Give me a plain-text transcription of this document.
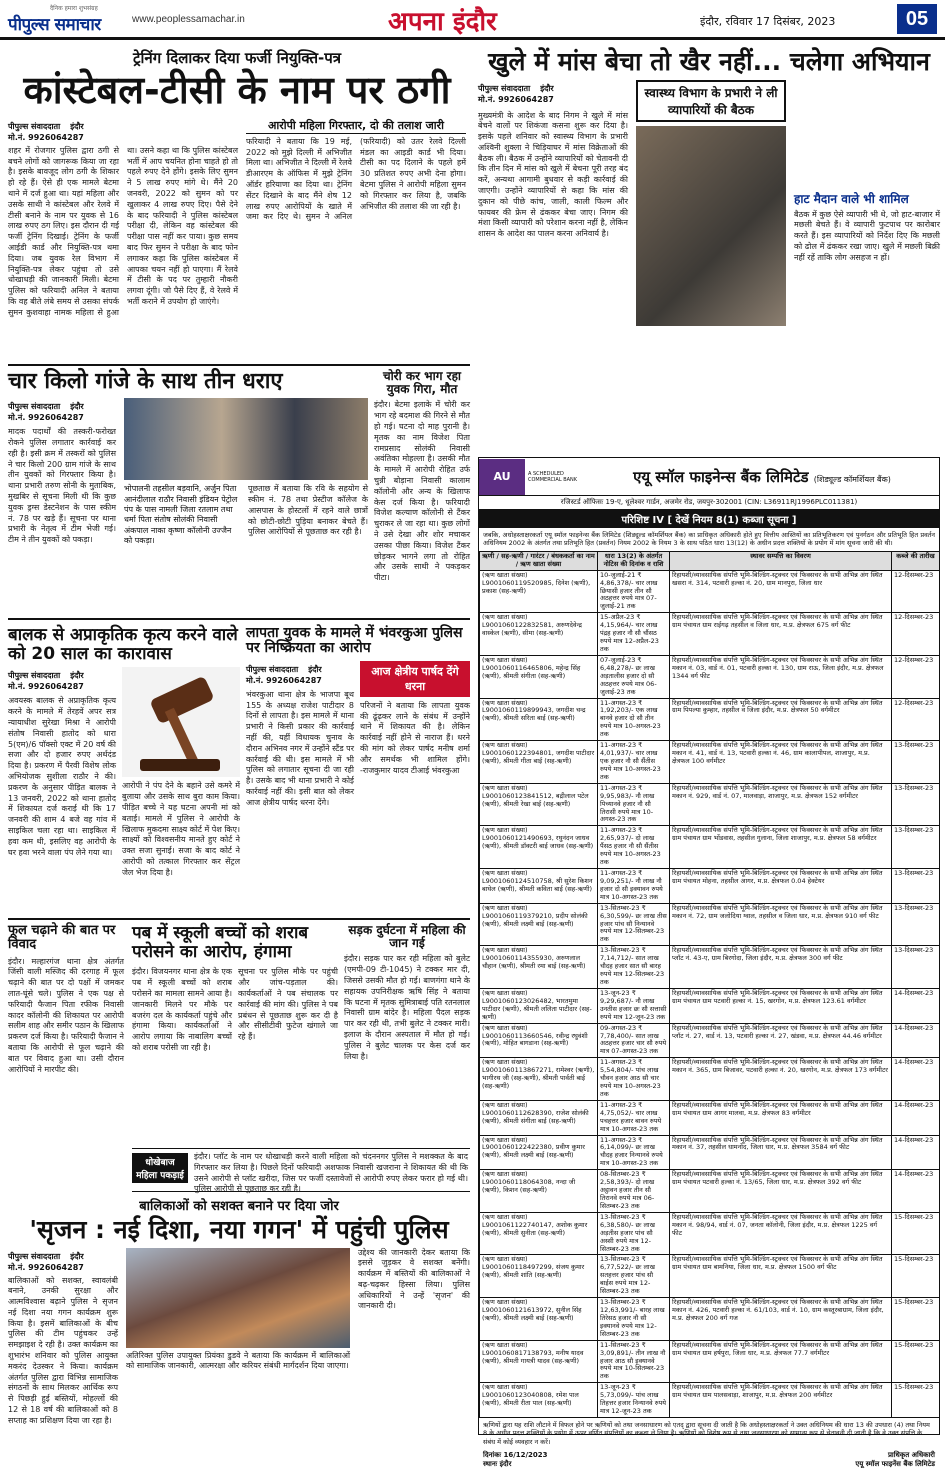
दैनिक हमारा शुभसंग्रह
पीपुल्स समाचार	www.peoplessamachar.in	अपना इंदौर	इंदौर, रविवार 17 दिसंबर, 2023	05
ट्रेनिंग दिलाकर दिया फर्जी नियुक्ति-पत्र
कांस्टेबल-टीसी के नाम पर ठगी
पीपुल्स संवाददाता इंदौर
मो.नं. 9926064287
शहर में रोजगार पुलिस द्वारा ठगी से बचने लोगों को जागरूक किया जा रहा है। इसके बावजूद लोग ठगी के शिकार हो रहे हैं। ऐसे ही एक मामले बेटमा थाने में दर्ज हुआ था। यहां महिला और उसके साथी ने कांस्टेबल और रेलवे में टीसी बनाने के नाम पर युवक से 16 लाख रुपए ठग लिए। इस दौरान दी गई फर्जी ट्रेनिंग दिखाई। ट्रेनिंग के फर्जी आईडी कार्ड और नियुक्ति-पत्र थमा दिया। जब युवक रेल विभाग में नियुक्ति-पत्र लेकर पहुंचा तो उसे धोखाधड़ी की जानकारी मिली। बेटमा पुलिस को फरियादी अनिल ने बताया कि वह बीते लंबे समय से उसका संपर्क सुमन कुशवाहा नामक महिला से हुआ था। उसने कहा था कि पुलिस कांस्टेबल भर्ती में आप चयनित होना चाहते हो तो पहले रुपए देने होंगे। इसके लिए सुमन ने 5 लाख रुपए मांगे थे। मैंने 20 जनवरी, 2022 को सुमन को पर खुलाकर 4 लाख रुपए दिए। पैसे देने के बाद फरियादी ने पुलिस कांस्टेबल परीक्षा दी, लेकिन वह कांस्टेबल की परीक्षा पास नहीं कर पाया। कुछ समय बाद फिर सुमन ने परीक्षा के बाद फोन लगाकर कहा कि पुलिस कांस्टेबल में आपका चयन नहीं हो पाएगा। मैं रेलवे में टीसी के पद पर तुम्हारी नौकरी लगवा दूंगी। जो पैसे दिए हैं, वे रेलवे में भर्ती कराने में उपयोग हो जाएंगे।
आरोपी महिला गिरफ्तार, दो की तलाश जारी
फरियादी ने बताया कि 19 मई, 2022 को मुझे दिल्ली में अभिजीत मिला था। अभिजीत ने दिल्ली में रेलवे डीआरएम के ऑफिस में मुझे ट्रेनिंग ऑर्डर हरियाणा का दिया था। ट्रेनिंग सेंटर दिखाने के बाद मैंने शेष 12 लाख रुपए आरोपियों के खाते में जमा कर दिए थे। सुमन ने अनिल (फरियादी) को उतर रेलवे दिल्ली मंडल का आइडी कार्ड भी दिया। टीसी का पद दिलाने के पहले हमें 30 प्रतिशत रुपए अभी देना होगा। बेटमा पुलिस ने आरोपी महिला सुमन को गिरफ्तार कर लिया है, जबकि अभिजीत की तलाश की जा रही है।
खुले में मांस बेचा तो खैर नहीं... चलेगा अभियान
पीपुल्स संवाददाता इंदौर
मो.नं. 9926064287
मुख्यमंत्री के आदेश के बाद निगम ने खुले में मांस बेचने वालों पर शिकंजा कसना शुरू कर दिया है। इसके पहले शनिवार को स्वास्थ्य विभाग के प्रभारी अश्विनी शुक्ला ने चिड़ियाघर में मांस विक्रेताओं की बैठक ली। बैठक में उन्होंने व्यापारियों को चेतावनी दी कि तीन दिन में मांस को खुले में बेचना पूरी तरह बंद करें, अन्यथा आगामी बुधवार से कड़ी कार्रवाई की जाएगी। उन्होंने व्यापारियों से कहा कि मांस की दुकान को पीछे कांच, जाली, काली फिल्म और फायबर की फ्रेम से ढंककर बेचा जाए। निगम की मंशा किसी व्यापारी को परेशान करना नहीं है, लेकिन शासन के आदेश का पालन करना अनिवार्य है।
स्वास्थ्य विभाग के प्रभारी ने ली व्यापारियों की बैठक
हाट मैदान वाले भी शामिल
बैठक में कुछ ऐसे व्यापारी भी थे, जो हाट-बाजार में मछली बेचते हैं। वे व्यापारी फुटपाथ पर कारोबार करते हैं। इस व्यापारियों को निर्देश दिए कि मछली को ढोल में ढंककर रखा जाए। खुले में मछली बिक्री नहीं रहें ताकि लोग असहज न हों।
चार किलो गांजे के साथ तीन धराए
पीपुल्स संवाददाता इंदौर
मो.नं. 9926064287
मादक पदार्थों की तस्करी-फरोख्त रोकने पुलिस लगातार कार्रवाई कर रही है। इसी क्रम में तस्करों को पुलिस ने चार किलो 200 ग्राम गांजे के साथ तीन युवकों को गिरफ्तार किया है। थाना प्रभारी तरुण सोनी के मुताबिक, मुखबिर से सूचना मिली थी कि कुछ युवक ड्रग्स डेस्टनेशन के पास स्कीम नं. 78 पर खड़े हैं। सूचना पर थाना प्रभारी के नेतृत्व में टीम भेजी गई। टीम ने तीन युवकों को पकड़ा।
भोपालनी तहसील बड़वानि, अर्जुन पिता आनंदीलाल राठौर निवासी इंडियन पेट्रोल पंप के पास नामली जिला रतलाम तथा धर्मा पिता संतोष सोलंकी निवासी अंकपाल नाका कृष्णा कॉलोनी उज्जैन को पकड़ा।
पूछताछ में बताया कि रवि के सहयोग से स्कीम नं. 78 तथा प्रेस्टीज कॉलेज के आसपास के होस्टलों में रहने वाले छात्रों को छोटी-छोटी पुड़िया बनाकर बेचते हैं। पुलिस आरोपियों से पूछताछ कर रही है।
चोरी कर भाग रहा युवक गिरा, मौत
इंदौर। बेटमा इलाके में चोरी कर भाग रहे बदमाश की गिरने से मौत हो गई। घटना दो माह पुरानी है। मृतक का नाम विजेश पिता रामप्रसाद सोलंकी निवासी अवंतिका मोहल्ला है। उसकी मौत के मामले में आरोपी रोहित उर्फ चुन्नी बोड़ाना निवासी कालाम कॉलोनी और अन्य के खिलाफ केस दर्ज किया है। फरियादी विजेश कल्याण कॉलोनी से टैंकर चुराकर ले जा रहा था। कुछ लोगों ने उसे देखा और शोर मचाकर उसका पीछा किया। विजेश टैंकर छोड़कर भागने लगा तो रोहित और उसके साथी ने पकड़कर पीटा।
बालक से अप्राकृतिक कृत्य करने वाले को 20 साल का कारावास
पीपुल्स संवाददाता इंदौर
मो.नं. 9926064287
अवयस्क बालक से अप्राकृतिक कृत्य करने के मामले में तेरहवें अपर सत्र न्यायाधीश सुरेखा मिश्रा ने आरोपी संतोष निवासी हातोद को धारा 5(एम)/6 पॉक्सो एक्ट में 20 वर्ष की सजा और दो हजार रुपए अर्थदंड दिया है। प्रकरण में पैरवी विशेष लोक अभियोजक सुशीला राठौर ने की। प्रकरण के अनुसार पीड़ित बालक ने 13 जनवरी, 2022 को थाना हातोद में शिकायत दर्ज कराई थी कि 17 जनवरी की शाम 4 बजे वह गांव में साइकिल चला रहा था। साइकिल में हवा कम थी, इसलिए वह आरोपी के घर हवा भरने वाला पंप लेने गया था।
आरोपी ने पंप देने के बहाने उसे कमरे में बुलाया और उसके साथ बुरा काम किया। पीड़ित बच्चे ने यह घटना अपनी मां को बताई। मामले में पुलिस ने आरोपी के खिलाफ मुकदमा साक्ष्य कोर्ट में पेश किए। साक्ष्यों को विश्वसनीय मानते हुए कोर्ट ने उक्त सजा सुनाई। सजा के बाद कोर्ट ने आरोपी को तत्काल गिरफ्तार कर सेंट्रल जेल भेज दिया है।
लापता युवक के मामले में भंवरकुआ पुलिस पर निष्क्रियता का आरोप
पीपुल्स संवाददाता इंदौर
मो.नं. 9926064287
भंवरकुआ थाना क्षेत्र के भाजपा बूथ 155 के अध्यक्ष राजेश पाटीदार 8 दिनों से लापता है। इस मामले में थाना प्रभारी ने किसी प्रकार की कार्रवाई नहीं की, यहीं विधायक चुनाव के दौरान अभिनव नगर में उन्होंने स्टैंड पर कार्रवाई की थी। इस मामले में भी पुलिस को लगातार सूचना दी जा रही है। उसके बाद भी थाना प्रभारी ने कोई कार्रवाई नहीं की। इसी बात को लेकर आज क्षेत्रीय पार्षद धरना देंगे।
आज क्षेत्रीय पार्षद देंगे धरना
परिजनों ने बताया कि लापता युवक की ढूंढ़कर लाने के संबंध में उन्होंने थाने में शिकायत की है। लेकिन कार्रवाई नहीं होने से नाराज हैं। धरने की मांग को लेकर पार्षद मनीष शर्मा और समर्थक भी शामिल होंगे। -राजकुमार यादव टीआई भंवरकुआ
फूल चढ़ाने की बात पर विवाद
इंदौर। मल्हारगंज थाना क्षेत्र अंतर्गत जिंसी वाली मस्जिद की दरगाह में फूल चढ़ाने की बात पर दो पक्षों में जमकर लात-घूंसे चले। पुलिस ने एक पक्ष से फरियादी फैजान पिता रफीक निवासी कादर कॉलोनी की शिकायत पर आरोपी सलीम शाह और समीर पठान के खिलाफ प्रकरण दर्ज किया है। फरियादी फैजान ने बताया कि आरोपी से फूल चढ़ाने की बात पर विवाद हुआ था। उसी दौरान आरोपियों ने मारपीट की।
पब में स्कूली बच्चों को शराब परोसने का आरोप, हंगामा
इंदौर। विजयनगर थाना क्षेत्र के एक पब में स्कूली बच्चों को शराब परोसने का मामला सामने आया है। जानकारी मिलने पर मौके पर बजरंग दल के कार्यकर्ता पहुंचे और हंगामा किया। कार्यकर्ताओं ने आरोप लगाया कि नाबालिग बच्चों को शराब परोसी जा रही है।
सूचना पर पुलिस मौके पर पहुंची और जांच-पड़ताल की। कार्यकर्ताओं ने पब संचालक पर कार्रवाई की मांग की। पुलिस ने पब प्रबंधन से पूछताछ शुरू कर दी है और सीसीटीवी फुटेज खंगाले जा रहे हैं।
सड़क दुर्घटना में महिला की जान गई
इंदौर। सड़क पार कर रही महिला को बुलेट (एमपी-09 टी-1045) ने टक्कर मार दी, जिससे उसकी मौत हो गई। बाणगंगा थाने के सहायक उपनिरीक्षक ऋषि सिंह ने बताया कि घटना में मृतक सुमित्राबाई पति रतनलाल निवासी ग्राम बांदेर है। महिला पैदल सड़क पार कर रही थी, तभी बुलेट ने टक्कर मारी। इलाज के दौरान अस्पताल में मौत हो गई। पुलिस ने बुलेट चालक पर केस दर्ज कर लिया है।
धोखेबाज महिला पकड़ाई
इंदौर। प्लॉट के नाम पर धोखाधड़ी करने वाली महिला को चंदननगर पुलिस ने मशक्कत के बाद गिरफ्तार कर लिया है। पिछले दिनों फरियादी अशफाक निवासी खजराना ने शिकायत की थी कि उसने आरोपी से प्लॉट खरीदा, जिस पर फर्जी दस्तावेजों से आरोपी रुपए लेकर फरार हो गई थी। पुलिस आरोपी से पूछताछ कर रही है।
बालिकाओं को सशक्त बनाने पर दिया जोर
'सृजन : नई दिशा, नया गगन' में पहुंची पुलिस
पीपुल्स संवाददाता इंदौर
मो.नं. 9926064287
बालिकाओं को सशक्त, स्वावलंबी बनाने, उनकी सुरक्षा और आत्मविश्वास बढ़ाने पुलिस ने सृजन नई दिशा नया गगन कार्यक्रम शुरू किया है। इसमें बालिकाओं के बीच पुलिस की टीम पहुंचकर उन्हें समझाइश दे रही है। उक्त कार्यक्रम का शुभारंभ शनिवार को पुलिस आयुक्त मकरंद देउस्कर ने किया। कार्यक्रम अंतर्गत पुलिस द्वारा विभिन्न सामाजिक संगठनों के साथ मिलकर आर्थिक रूप से पिछड़ी हुई बस्तियों, मोहल्लों की 12 से 18 वर्ष की बालिकाओं को 8 सप्ताह का प्रशिक्षण दिया जा रहा है।
अतिरिक्त पुलिस उपायुक्त प्रियंका डुडवे ने बताया कि कार्यक्रम में बालिकाओं को सामाजिक जानकारी, आत्मरक्षा और करियर संबंधी मार्गदर्शन दिया जाएगा।
उद्देश्य की जानकारी देकर बताया कि इससे जुड़कर वे सशक्त बनेंगी। कार्यक्रम में बस्तियों की बालिकाओं ने बढ़-चढ़कर हिस्सा लिया। पुलिस अधिकारियों ने उन्हें 'सृजन' की जानकारी दी।
AU	A SCHEDULED COMMERCIAL BANK	एयू स्मॉल फाइनेन्स बैंक लिमिटेड (शिड्यूल्ड कॉमर्शियल बैंक)
रजिस्टर्ड ऑफिसः 19-ए, धूलेश्वर गार्डन, अजमेर रोड, जयपुर-302001 (CIN: L36911RJ1996PLC011381)
परिशिष्ट IV [ देखें नियम 8(1) कब्जा सूचना ]
जबकि, अधोहस्ताक्षरकर्ता एयू स्मॉल फाइनेन्स बैंक लिमिटेड (शिड्यूल्ड कॉमर्शियल बैंक) का प्राधिकृत अधिकारी होते हुए वित्तीय आस्तियों का प्रतिभूतिकरण एवं पुनर्गठन और प्रतिभूति हित प्रवर्तन अधिनियम 2002 के अंतर्गत तथा प्रतिभूति हित (प्रवर्तन) नियम 2002 के नियम 3 के साथ पठित धारा 13(12) के अधीन प्रदत्त शक्तियों के प्रयोग में मांग सूचना जारी की थी।
ऋणी / सह-ऋणी / गारंटर / बंधककर्ता का नाम / ऋण खाता संख्या	धारा 13(2) के अंतर्गत नोटिस की दिनांक व राशि	स्थावर सम्पत्ति का विवरण	कब्जे की तारीख
(ऋण खाता संख्या) L9001060119520985, दिनेश (ऋणी), प्रकाश (सह-ऋणी)	10-जुलाई-21 ₹ 4,86,378/- चार लाख छियासी हजार तीन सौ अठहत्तर रुपये मात्र 07-जुलाई-21 तक	रिहायशी/व्यावसायिक संपत्ति भूमि-बिल्डिंग-स्ट्रक्चर एवं फिक्सचर के सभी अभिन्न अंग स्थित खसरा नं. 314, पटवारी हल्का नं. 20, ग्राम मानपुरा, जिला धार	12-दिसम्बर-23
(ऋण खाता संख्या) L9001060122832581, अरुणदेवेन्द्र वास्केल (ऋणी), सीमा (सह-ऋणी)	15-अप्रैल-23 ₹ 4,15,964/- चार लाख पंद्रह हजार नौ सौ चौंसठ रुपये मात्र 12-अप्रैल-23 तक	रिहायशी/व्यावसायिक संपत्ति भूमि-बिल्डिंग-स्ट्रक्चर एवं फिक्सचर के सभी अभिन्न अंग स्थित ग्राम पंचायत ग्राम राईगढ़ तहसील व जिला धार, म.प्र. क्षेत्रफल 675 वर्ग फीट	12-दिसम्बर-23
(ऋण खाता संख्या) L9001060116465806, महेन्द्र सिंह (ऋणी), श्रीमती संगीता (सह-ऋणी)	07-जुलाई-23 ₹ 6,48,278/- छः लाख अड़तालीस हजार दो सौ अठहत्तर रुपये मात्र 06-जुलाई-23 तक	रिहायशी/व्यावसायिक संपत्ति भूमि-बिल्डिंग-स्ट्रक्चर एवं फिक्सचर के सभी अभिन्न अंग स्थित मकान नं. 03, वार्ड नं. 01, पटवारी हल्का नं. 130, ग्राम राऊ, जिला इंदौर, म.प्र. क्षेत्रफल 1344 वर्ग फीट	12-दिसम्बर-23
(ऋण खाता संख्या) L9001060119899943, जगदीश चन्द्र (ऋणी), श्रीमती सरिता बाई (सह-ऋणी)	11-अगस्त-23 ₹ 1,92,203/- एक लाख बानवे हजार दो सौ तीन रुपये मात्र 10-अगस्त-23 तक	रिहायशी/व्यावसायिक संपत्ति भूमि-बिल्डिंग-स्ट्रक्चर एवं फिक्सचर के सभी अभिन्न अंग स्थित ग्राम पिपल्या कुम्हार, तहसील व जिला इंदौर, म.प्र. क्षेत्रफल 50 वर्गमीटर	12-दिसम्बर-23
(ऋण खाता संख्या) L9001060122394801, जगदीश पाटीदार (ऋणी), श्रीमती गीता बाई (सह-ऋणी)	11-अगस्त-23 ₹ 4,01,937/- चार लाख एक हजार नौ सौ सैंतीस रुपये मात्र 10-अगस्त-23 तक	रिहायशी/व्यावसायिक संपत्ति भूमि-बिल्डिंग-स्ट्रक्चर एवं फिक्सचर के सभी अभिन्न अंग स्थित मकान नं. 41, वार्ड नं. 13, पटवारी हल्का नं. 46, ग्राम कालापीपल, शाजापुर, म.प्र. क्षेत्रफल 100 वर्गमीटर	13-दिसम्बर-23
(ऋण खाता संख्या) L9001060123841512, बद्रीलाल पटेल (ऋणी), श्रीमती रेखा बाई (सह-ऋणी)	11-अगस्त-23 ₹ 9,95,983/- नौ लाख पिच्यानवे हजार नौ सौ तिरासी रुपये मात्र 10-अगस्त-23 तक	रिहायशी/व्यावसायिक संपत्ति भूमि-बिल्डिंग-स्ट्रक्चर एवं फिक्सचर के सभी अभिन्न अंग स्थित मकान नं. 929, वार्ड नं. 07, मालवाड़ा, शाजापुर, म.प्र. क्षेत्रफल 152 वर्गमीटर	13-दिसम्बर-23
(ऋण खाता संख्या) L9001060121490693, रघुनंदन जाधव (ऋणी), श्रीमती डॉक्टरी बाई जाधव (सह-ऋणी)	11-अगस्त-23 ₹ 2,65,937/- दो लाख पैंसठ हजार नौ सौ सैंतीस रुपये मात्र 10-अगस्त-23 तक	रिहायशी/व्यावसायिक संपत्ति भूमि-बिल्डिंग-स्ट्रक्चर एवं फिक्सचर के सभी अभिन्न अंग स्थित ग्राम पंचायत ग्राम भोंडवास, तहसील गुलाना, जिला शाजापुर, म.प्र. क्षेत्रफल 58 वर्गमीटर	13-दिसम्बर-23
(ऋण खाता संख्या) L9001060124510758, श्री सुरेश किशन बाघेल (ऋणी), श्रीमती कविता बाई (सह-ऋणी)	11-अगस्त-23 ₹ 9,09,251/- नौ लाख नौ हजार दो सौ इक्यावन रुपये मात्र 10-अगस्त-23 तक	रिहायशी/व्यावसायिक संपत्ति भूमि-बिल्डिंग-स्ट्रक्चर एवं फिक्सचर के सभी अभिन्न अंग स्थित ग्राम पंचायत मोहना, तहसील आगर, म.प्र. क्षेत्रफल 0.04 हेक्टेयर	13-दिसम्बर-23
(ऋण खाता संख्या) L9001060119379210, प्रदीप सोलंकी (ऋणी), श्रीमती लक्ष्मी बाई (सह-ऋणी)	13-सितम्बर-23 ₹ 6,30,599/- छः लाख तीस हजार पांच सौ निन्यानवे रुपये मात्र 12-सितम्बर-23 तक	रिहायशी/व्यावसायिक संपत्ति भूमि-बिल्डिंग-स्ट्रक्चर एवं फिक्सचर के सभी अभिन्न अंग स्थित मकान नं. 72, ग्राम जलोदिया ग्वाल, तहसील व जिला धार, म.प्र. क्षेत्रफल 910 वर्ग फीट	13-दिसम्बर-23
(ऋण खाता संख्या) L9001060114355930, अरुणलाल चौहान (ऋणी), श्रीमती रमा बाई (सह-ऋणी)	13-सितम्बर-23 ₹ 7,14,712/- सात लाख चौदह हजार सात सौ बारह रुपये मात्र 12-सितम्बर-23 तक	रिहायशी/व्यावसायिक संपत्ति भूमि-बिल्डिंग-स्ट्रक्चर एवं फिक्सचर के सभी अभिन्न अंग स्थित प्लॉट नं. 43-ए, ग्राम बिरगोदा, जिला इंदौर, म.प्र. क्षेत्रफल 300 वर्ग फीट	13-दिसम्बर-23
(ऋण खाता संख्या) L9001060123026482, भारतमुमा पाटीदार (ऋणी), श्रीमती ललिता पाटीदार (सह-ऋणी)	13-जून-23 ₹ 9,29,687/- नौ लाख उनतीस हजार छः सौ सत्तासी रुपये मात्र 12-जून-23 तक	रिहायशी/व्यावसायिक संपत्ति भूमि-बिल्डिंग-स्ट्रक्चर एवं फिक्सचर के सभी अभिन्न अंग स्थित ग्राम पंचायत ग्राम पटवारी हल्का नं. 15, खरगोन, म.प्र. क्षेत्रफल 123.61 वर्गमीटर	14-दिसम्बर-23
(ऋण खाता संख्या) L9001060113660546, रवीन्द्र रघुवंशी (ऋणी), मोहित बागडाना (सह-ऋणी)	09-अगस्त-23 ₹ 7,78,400/- सात लाख अठहत्तर हजार चार सौ रुपये मात्र 07-अगस्त-23 तक	रिहायशी/व्यावसायिक संपत्ति भूमि-बिल्डिंग-स्ट्रक्चर एवं फिक्सचर के सभी अभिन्न अंग स्थित प्लॉट नं. 27, वार्ड नं. 13, पटवारी हल्का नं. 27, खंडवा, म.प्र. क्षेत्रफल 44.46 वर्गमीटर	14-दिसम्बर-23
(ऋण खाता संख्या) L9001060113867271, रामेश्वर (ऋणी), भागीरथ जी (सह-ऋणी), श्रीमती पार्वती बाई (सह-ऋणी)	11-अगस्त-23 ₹ 5,54,804/- पांच लाख चौवन हजार आठ सौ चार रुपये मात्र 10-अगस्त-23 तक	रिहायशी/व्यावसायिक संपत्ति भूमि-बिल्डिंग-स्ट्रक्चर एवं फिक्सचर के सभी अभिन्न अंग स्थित मकान नं. 365, ग्राम बिजावर, पटवारी हल्का नं. 20, खरगोन, म.प्र. क्षेत्रफल 173 वर्गमीटर	14-दिसम्बर-23
(ऋण खाता संख्या) L9001060112628390, राजेश सोलंकी (ऋणी), श्रीमती संगीता बाई (सह-ऋणी)	11-अगस्त-23 ₹ 4,75,052/- चार लाख पचहत्तर हजार बावन रुपये मात्र 10-अगस्त-23 तक	रिहायशी/व्यावसायिक संपत्ति भूमि-बिल्डिंग-स्ट्रक्चर एवं फिक्सचर के सभी अभिन्न अंग स्थित ग्राम पंचायत ग्राम आगर मालवा, म.प्र. क्षेत्रफल 83 वर्गमीटर	14-दिसम्बर-23
(ऋण खाता संख्या) L9001060122422380, प्रवीण कुमार (ऋणी), श्रीमती लक्ष्मी बाई (सह-ऋणी)	11-अगस्त-23 ₹ 6,14,099/- छः लाख चौदह हजार निन्यानवे रुपये मात्र 10-अगस्त-23 तक	रिहायशी/व्यावसायिक संपत्ति भूमि-बिल्डिंग-स्ट्रक्चर एवं फिक्सचर के सभी अभिन्न अंग स्थित मकान नं. 37, तहसील धामनोद, जिला धार, म.प्र. क्षेत्रफल 3584 वर्ग फीट	14-दिसम्बर-23
(ऋण खाता संख्या) L9001060118064308, नन्दा जी (ऋणी), किशन (सह-ऋणी)	08-सितम्बर-23 ₹ 2,58,393/- दो लाख अट्ठावन हजार तीन सौ तिरानवे रुपये मात्र 06-सितम्बर-23 तक	रिहायशी/व्यावसायिक संपत्ति भूमि-बिल्डिंग-स्ट्रक्चर एवं फिक्सचर के सभी अभिन्न अंग स्थित ग्राम पंचायत पटवारी हल्का नं. 13/65, जिला धार, म.प्र. क्षेत्रफल 392 वर्ग फीट	14-दिसम्बर-23
(ऋण खाता संख्या) L9001061122740147, अशोक कुमार (ऋणी), श्रीमती सुनीता (सह-ऋणी)	13-सितम्बर-23 ₹ 6,38,580/- छः लाख अड़तीस हजार पांच सौ अस्सी रुपये मात्र 12-सितम्बर-23 तक	रिहायशी/व्यावसायिक संपत्ति भूमि-बिल्डिंग-स्ट्रक्चर एवं फिक्सचर के सभी अभिन्न अंग स्थित मकान नं. 98/94, वार्ड नं. 07, जनता कॉलोनी, जिला इंदौर, म.प्र. क्षेत्रफल 1225 वर्ग फीट	15-दिसम्बर-23
(ऋण खाता संख्या) L9001060118497299, संजय कुमार (ऋणी), श्रीमती शांति (सह-ऋणी)	13-सितम्बर-23 ₹ 6,77,522/- छः लाख सतहत्तर हजार पांच सौ बाईस रुपये मात्र 12-सितम्बर-23 तक	रिहायशी/व्यावसायिक संपत्ति भूमि-बिल्डिंग-स्ट्रक्चर एवं फिक्सचर के सभी अभिन्न अंग स्थित ग्राम पंचायत ग्राम बामनिया, जिला धार, म.प्र. क्षेत्रफल 1500 वर्ग फीट	15-दिसम्बर-23
(ऋण खाता संख्या) L9001060121613972, सुनील सिंह (ऋणी), श्रीमती लक्ष्मी बाई (सह-ऋणी)	13-सितम्बर-23 ₹ 12,63,991/- बारह लाख तिरेसठ हजार नौ सौ इक्यानवे रुपये मात्र 12-सितम्बर-23 तक	रिहायशी/व्यावसायिक संपत्ति भूमि-बिल्डिंग-स्ट्रक्चर एवं फिक्सचर के सभी अभिन्न अंग स्थित मकान नं. 426, पटवारी हल्का नं. 61/103, वार्ड नं. 10, ग्राम कस्तूरबाग्राम, जिला इंदौर, म.प्र. क्षेत्रफल 200 वर्ग गज	15-दिसम्बर-23
(ऋण खाता संख्या) L9001060817138793, मनीष यादव (ऋणी), श्रीमती गायत्री यादव (सह-ऋणी)	11-सितम्बर-23 ₹ 3,09,891/- तीन लाख नौ हजार आठ सौ इक्यानवे रुपये मात्र 10-सितम्बर-23 तक	रिहायशी/व्यावसायिक संपत्ति भूमि-बिल्डिंग-स्ट्रक्चर एवं फिक्सचर के सभी अभिन्न अंग स्थित ग्राम पंचायत ग्राम हर्षपुरा, जिला धार, म.प्र. क्षेत्रफल 77.7 वर्गमीटर	15-दिसम्बर-23
(ऋण खाता संख्या) L9001060123040808, रमेश पाल (ऋणी), श्रीमती रीता पाल (सह-ऋणी)	13-जून-23 ₹ 5,73,099/- पांच लाख तिहत्तर हजार निन्यानवे रुपये मात्र 12-जून-23 तक	रिहायशी/व्यावसायिक संपत्ति भूमि-बिल्डिंग-स्ट्रक्चर एवं फिक्सचर के सभी अभिन्न अंग स्थित ग्राम पंचायत ग्राम पालसवाड़ा, शाजापुर, म.प्र. क्षेत्रफल 200 वर्गमीटर	15-दिसम्बर-23
ऋणियों द्वारा यह राशि लौटाने में विफल होने पर ऋणियों को तथा जनसाधारण को एतद् द्वारा सूचना दी जाती है कि अधोहस्ताक्षरकर्ता ने उक्त अधिनियम की धारा 13 की उपधारा (4) तथा नियम 8 के अधीन प्रदत्त शक्तियों के प्रयोग में ऊपर वर्णित संपत्तियों का कब्जा ले लिया है। ऋणियों को विशेष रूप से तथा जनसाधारण को सामान्य रूप से चेतावनी दी जाती है कि वे उक्त संपत्ति के संबंध में कोई व्यवहार न करें।
दिनांकः 16/12/2023
स्थानः इंदौर
प्राधिकृत अधिकारी
एयू स्मॉल फाइनेंस बैंक लिमिटेड
